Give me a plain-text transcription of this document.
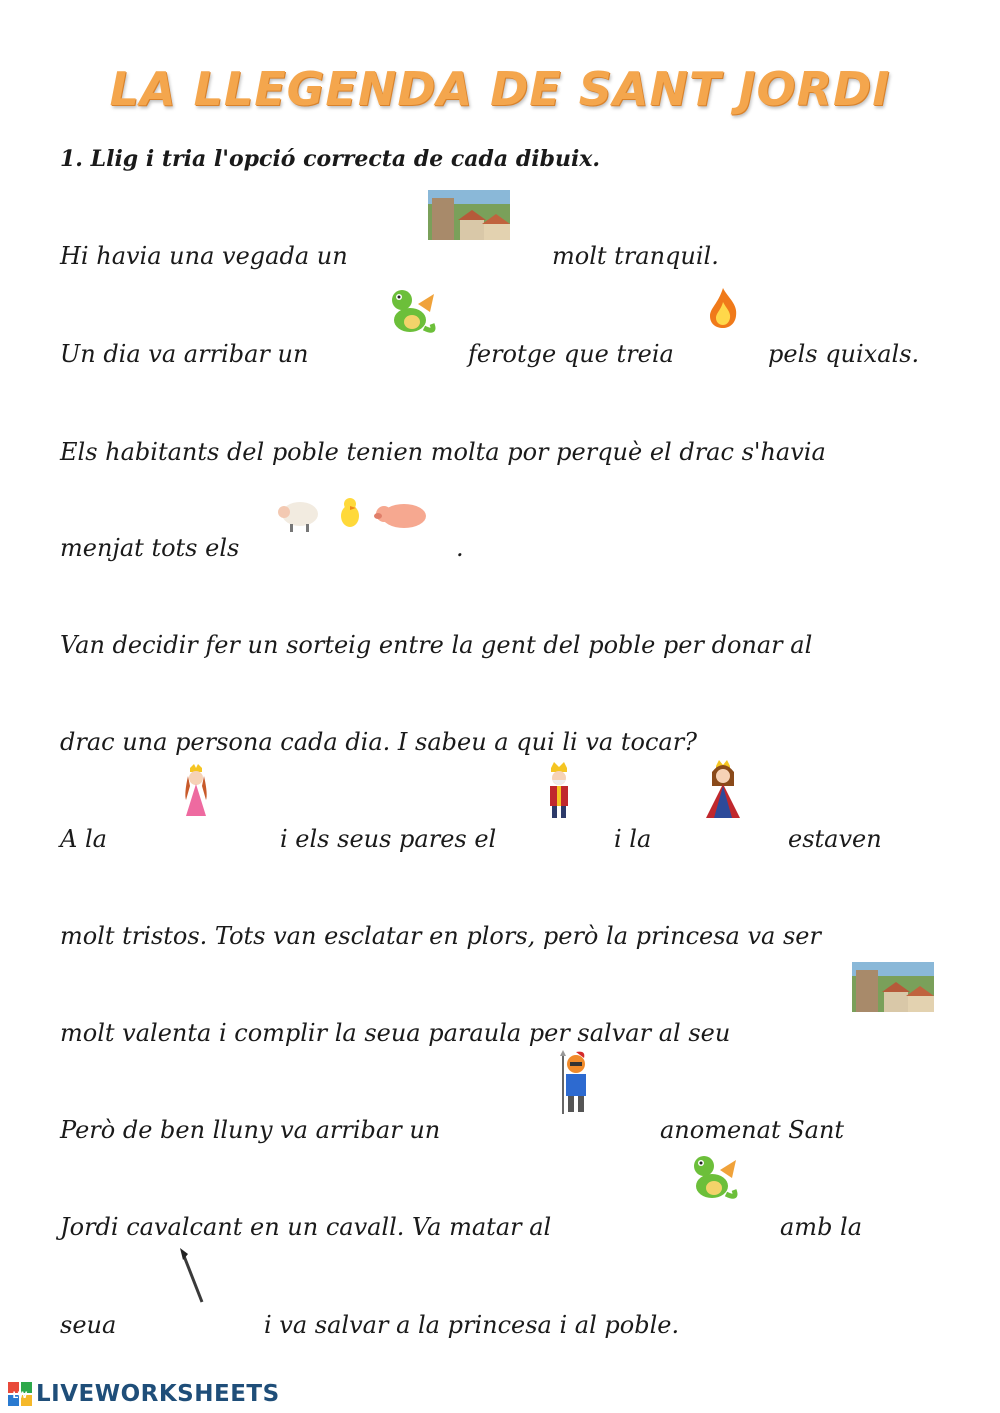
LA LLEGENDA DE SANT JORDI
1. Llig i tria l'opció correcta de cada dibuix.
Hi havia una vegada un	molt tranquil.
Un dia va arribar un	ferotge que treia	pels quixals.
Els habitants del poble tenien molta por perquè el drac s'havia
menjat tots els	.
Van decidir fer un sorteig entre la gent del poble per donar al
drac una persona cada dia. I sabeu a qui li va tocar?
A la	i els seus pares el	i la	estaven
molt tristos. Tots van esclatar en plors, però la princesa va ser
molt valenta i complir la seua paraula per salvar al seu
Però de ben lluny va arribar un	anomenat Sant
Jordi cavalcant en un cavall. Va matar al	amb la
seua	i va salvar a la princesa i al poble.
LW LIVEWORKSHEETS
